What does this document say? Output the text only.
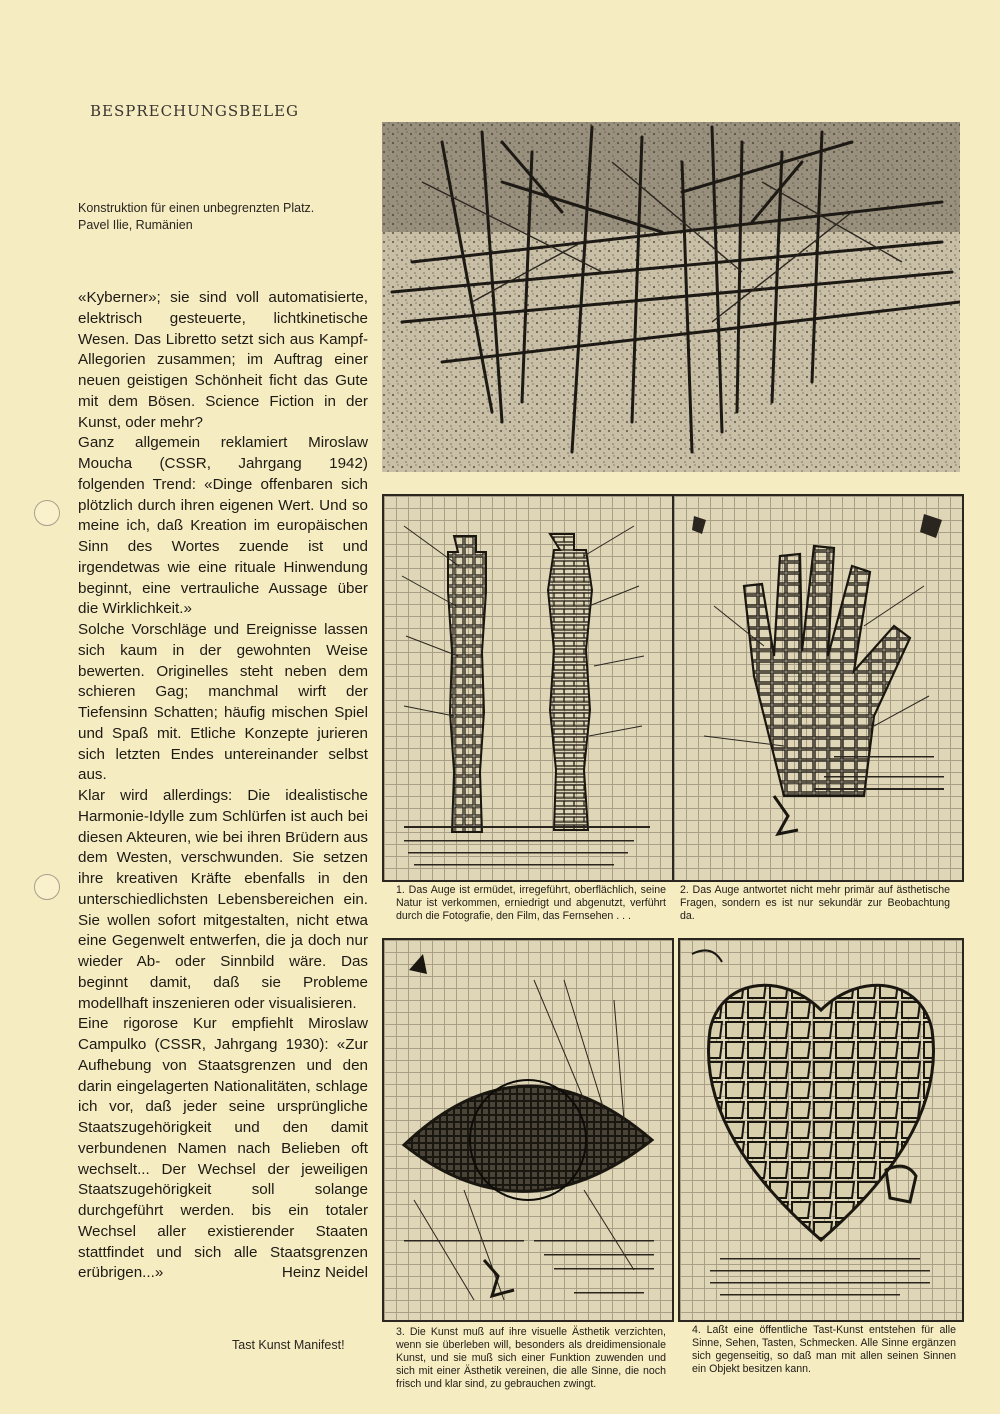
BESPRECHUNGSBELEG
Konstruktion für einen unbegrenzten Platz.
Pavel Ilie, Rumänien

«Kyberner»; sie sind voll automatisierte, elektrisch gesteuerte, lichtkinetische Wesen. Das Libretto setzt sich aus Kampf-Allegorien zusammen; im Auftrag einer neuen geistigen Schönheit ficht das Gute mit dem Bösen. Science Fiction in der Kunst, oder mehr?

Ganz allgemein reklamiert Miroslaw Moucha (CSSR, Jahrgang 1942) folgenden Trend: «Dinge offenbaren sich plötzlich durch ihren eigenen Wert. Und so meine ich, daß Kreation im europäischen Sinn des Wortes zuende ist und irgendetwas wie eine rituale Hinwendung beginnt, eine vertrauliche Aussage über die Wirklichkeit.»

Solche Vorschläge und Ereignisse lassen sich kaum in der gewohnten Weise bewerten. Originelles steht neben dem schieren Gag; manchmal wirft der Tiefensinn Schatten; häufig mischen Spiel und Spaß mit. Etliche Konzepte jurieren sich letzten Endes untereinander selbst aus.

Klar wird allerdings: Die idealistische Harmonie-Idylle zum Schlürfen ist auch bei diesen Akteuren, wie bei ihren Brüdern aus dem Westen, verschwunden. Sie setzen ihre kreativen Kräfte ebenfalls in den unterschiedlichsten Lebensbereichen ein. Sie wollen sofort mitgestalten, nicht etwa eine Gegenwelt entwerfen, die ja doch nur wieder Ab- oder Sinnbild wäre. Das beginnt damit, daß sie Probleme modellhaft inszenieren oder visualisieren.

Eine rigorose Kur empfiehlt Miroslaw Campulko (CSSR, Jahrgang 1930): «Zur Aufhebung von Staatsgrenzen und den darin eingelagerten Nationalitäten, schlage ich vor, daß jeder seine ursprüngliche Staatszugehörigkeit und den damit verbundenen Namen nach Belieben oft wechselt... Der Wechsel der jeweiligen Staatszugehörigkeit soll solange durchgeführt werden. bis ein totaler Wechsel aller existierender Staaten stattfindet und sich alle Staatsgrenzen erübrigen...»	Heinz Neidel

1. Das Auge ist ermüdet, irregeführt, oberflächlich, seine Natur ist verkommen, erniedrigt und abgenutzt, verführt durch die Fotografie, den Film, das Fernsehen . . .
2. Das Auge antwortet nicht mehr primär auf ästhetische Fragen, sondern es ist nur sekundär zur Beobachtung da.
3. Die Kunst muß auf ihre visuelle Ästhetik verzichten, wenn sie überleben will, besonders als dreidimensionale Kunst, und sie muß sich einer Funktion zuwenden und sich mit einer Ästhetik vereinen, die alle Sinne, die noch frisch und klar sind, zu gebrauchen zwingt.
4. Laßt eine öffentliche Tast-Kunst entstehen für alle Sinne, Sehen, Tasten, Schmecken. Alle Sinne ergänzen sich gegenseitig, so daß man mit allen seinen Sinnen ein Objekt besitzen kann.
Tast Kunst Manifest!
